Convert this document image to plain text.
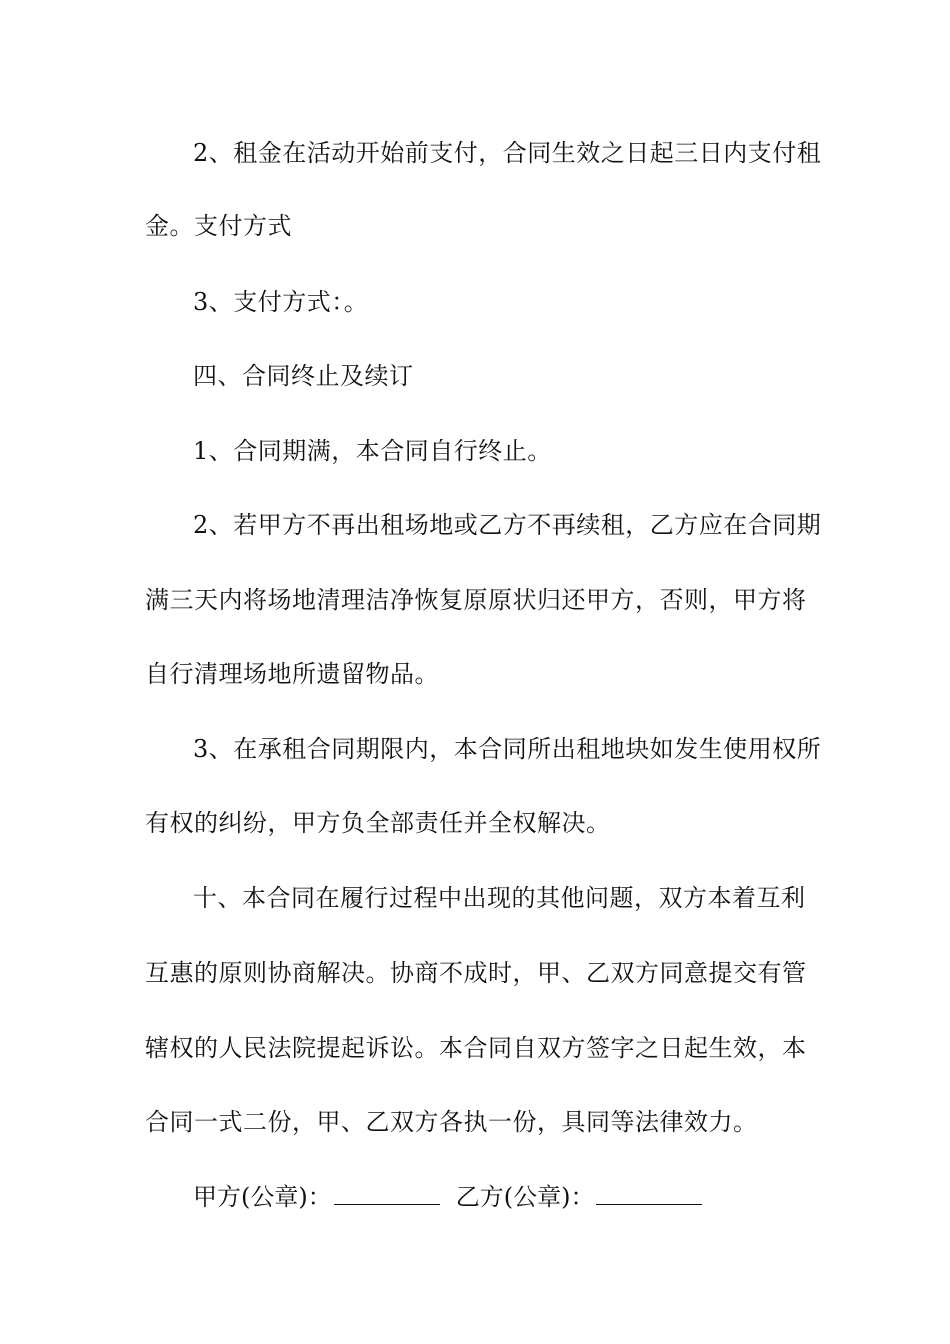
2、租金在活动开始前支付，合同生效之日起三日内支付租
金。支付方式
3、支付方式：。
四、合同终止及续订
1、合同期满，本合同自行终止。
2、若甲方不再出租场地或乙方不再续租，乙方应在合同期
满三天内将场地清理洁净恢复原原状归还甲方，否则，甲方将
自行清理场地所遗留物品。
3、在承租合同期限内，本合同所出租地块如发生使用权所
有权的纠纷，甲方负全部责任并全权解决。
十、本合同在履行过程中出现的其他问题，双方本着互利
互惠的原则协商解决。协商不成时，甲、乙双方同意提交有管
辖权的人民法院提起诉讼。本合同自双方签字之日起生效，本
合同一式二份，甲、乙双方各执一份，具同等法律效力。
甲方(公章)：	乙方(公章)：
